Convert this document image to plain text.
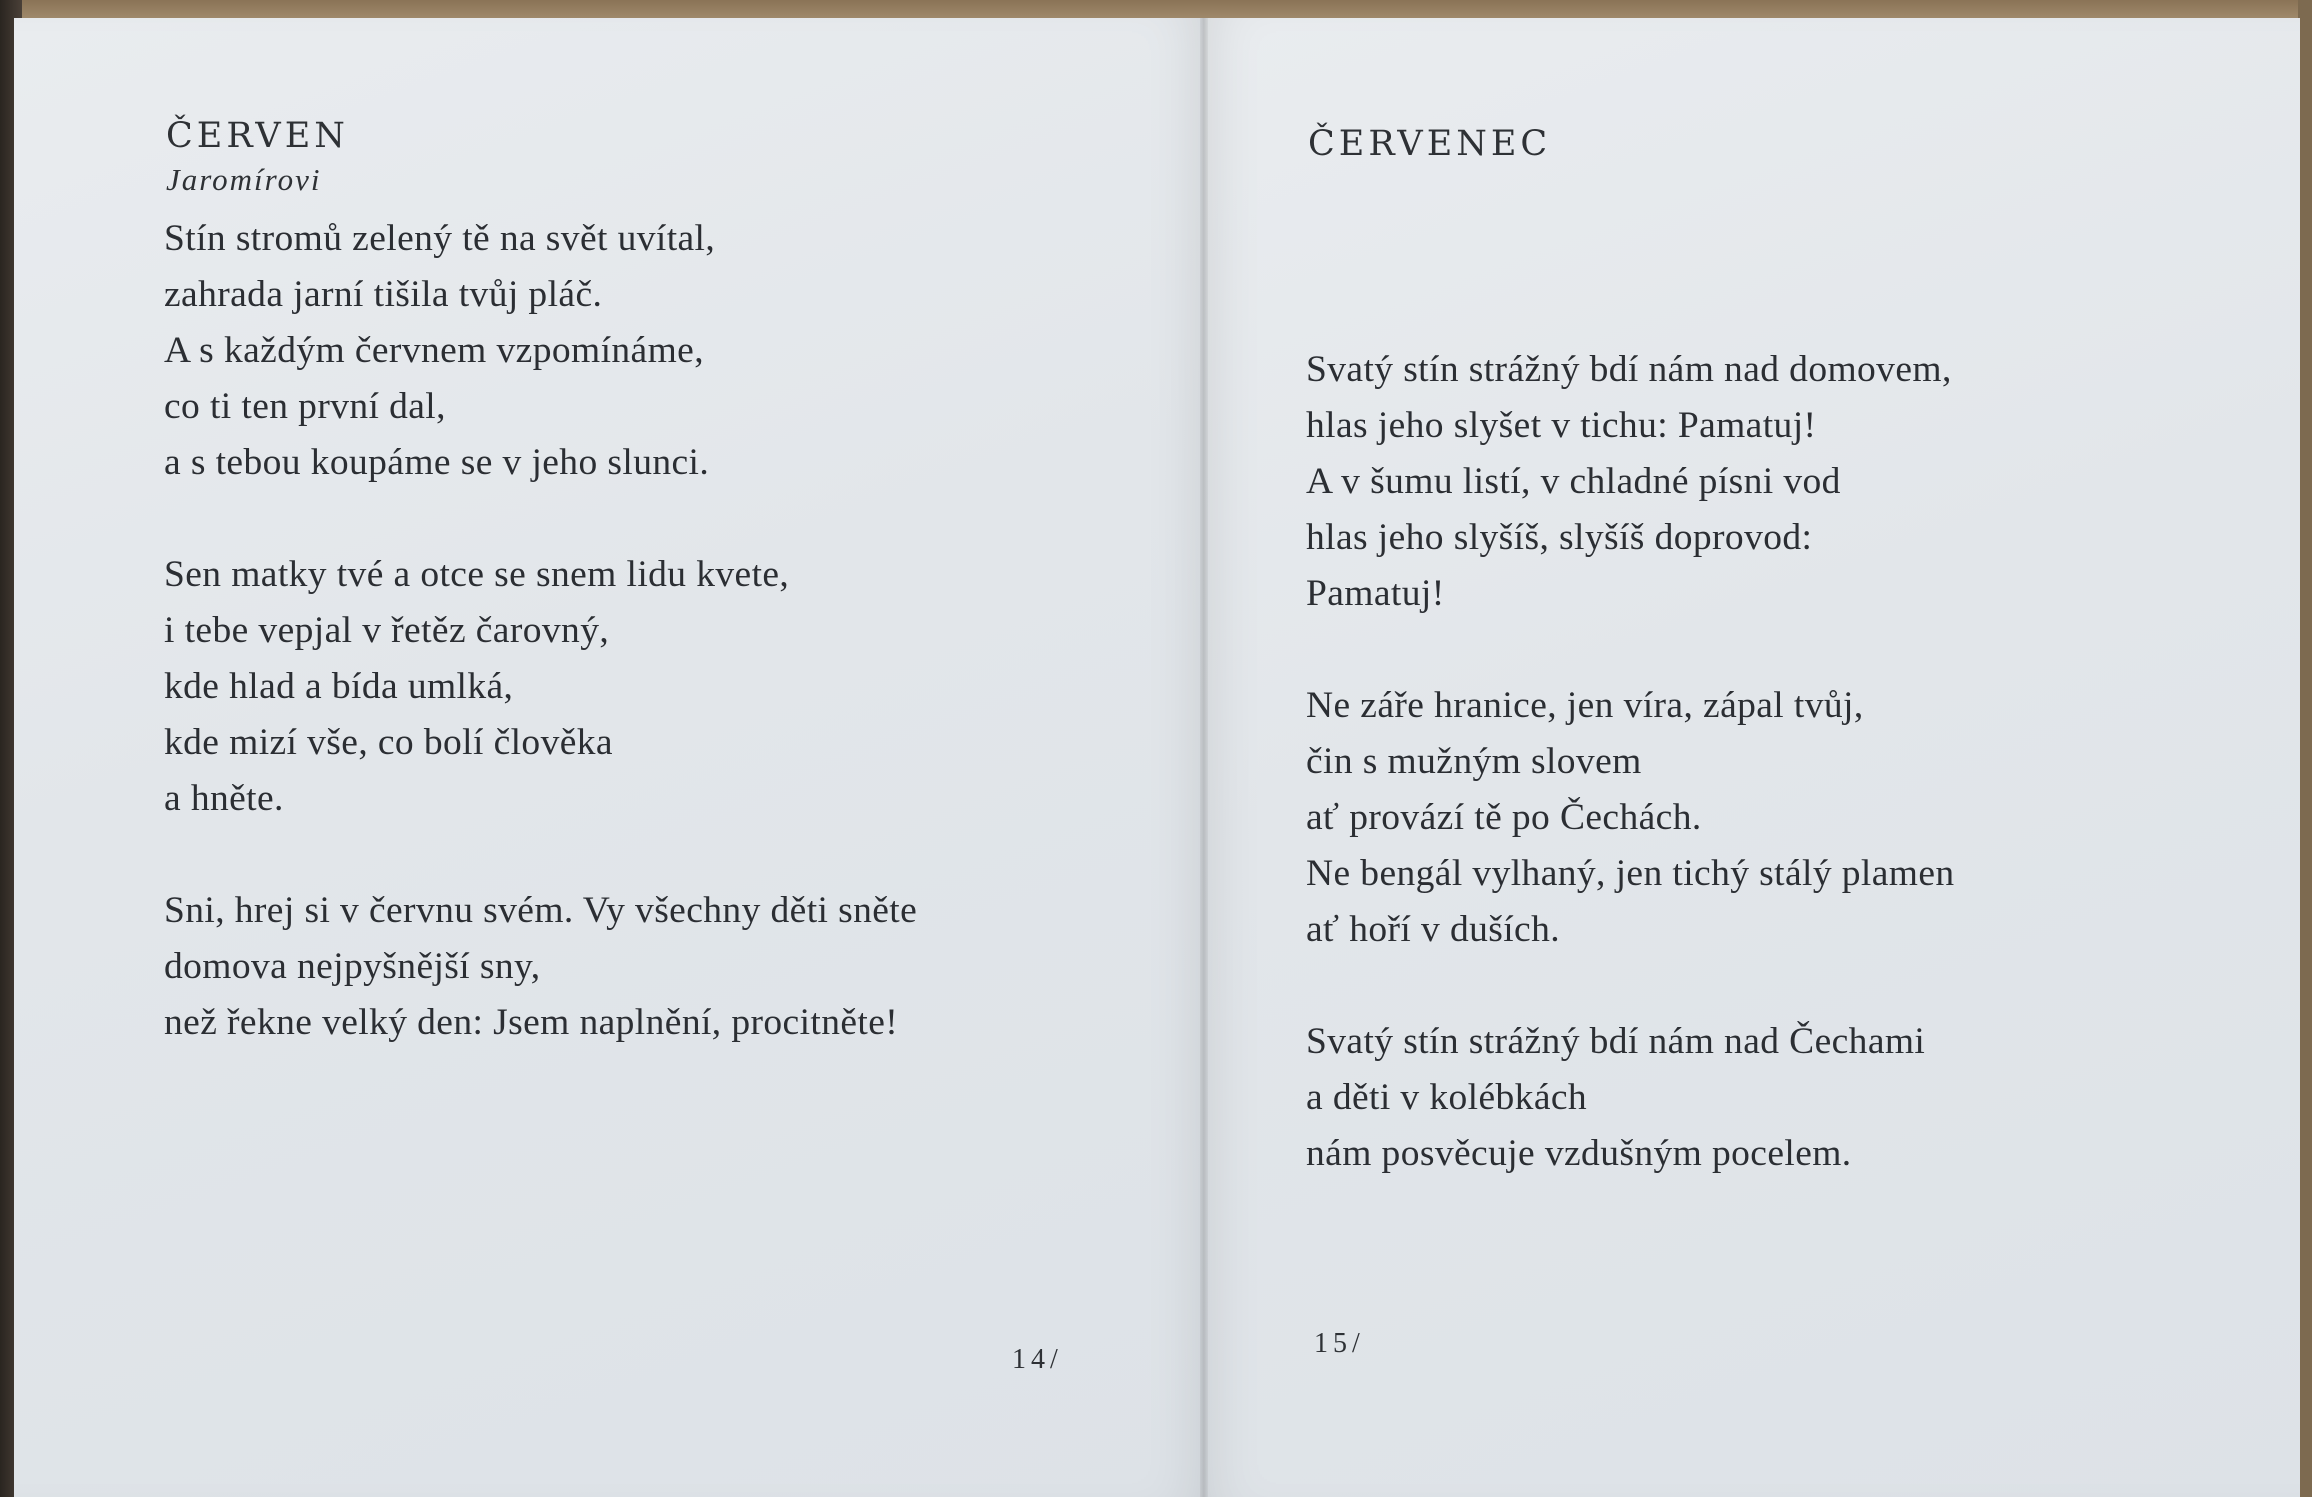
ČERVEN
Jaromírovi
Stín stromů zelený tě na svět uvítal,
zahrada jarní tišila tvůj pláč.
A s každým červnem vzpomínáme,
co ti ten první dal,
a s tebou koupáme se v jeho slunci.
Sen matky tvé a otce se snem lidu kvete,
i tebe vepjal v řetěz čarovný,
kde hlad a bída umlká,
kde mizí vše, co bolí člověka
a hněte.
Sni, hrej si v červnu svém. Vy všechny děti sněte
domova nejpyšnější sny,
než řekne velký den: Jsem naplnění, procitněte!
14/
ČERVENEC
Svatý stín strážný bdí nám nad domovem,
hlas jeho slyšet v tichu: Pamatuj!
A v šumu listí, v chladné písni vod
hlas jeho slyšíš, slyšíš doprovod:
Pamatuj!
Ne záře hranice, jen víra, zápal tvůj,
čin s mužným slovem
ať provází tě po Čechách.
Ne bengál vylhaný, jen tichý stálý plamen
ať hoří v duších.
Svatý stín strážný bdí nám nad Čechami
a děti v kolébkách
nám posvěcuje vzdušným pocelem.
15/
